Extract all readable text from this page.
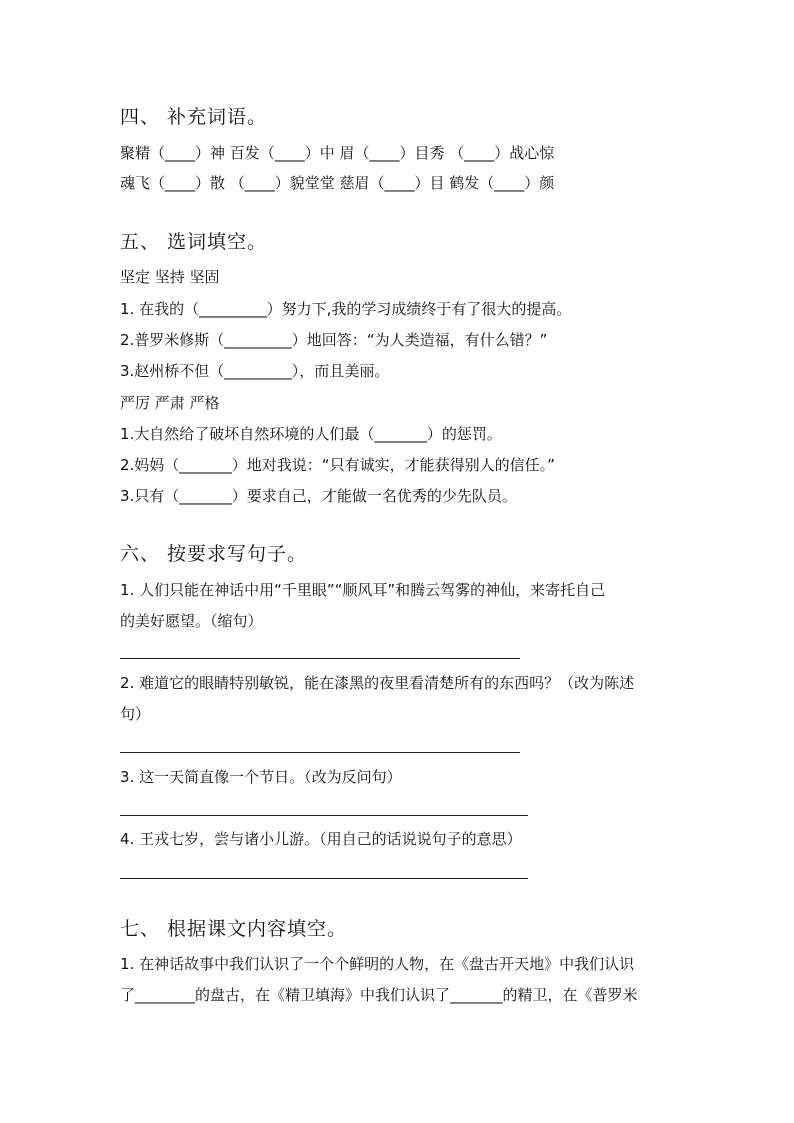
四、 补充词语。
聚精（____）神 百发（____）中 眉（____）目秀 （____）战心惊
魂飞（____）散 （____）貌堂堂 慈眉（____）目 鹤发（____）颜
五、 选词填空。
坚定 坚持 坚固
1. 在我的（_________）努力下,我的学习成绩终于有了很大的提高。
2.普罗米修斯（_________）地回答：“为人类造福，有什么错？”
3.赵州桥不但（_________），而且美丽。
严厉 严肃 严格
1.大自然给了破坏自然环境的人们最（_______）的惩罚。
2.妈妈（_______）地对我说：“只有诚实，才能获得别人的信任。”
3.只有（_______）要求自己，才能做一名优秀的少先队员。
六、 按要求写句子。
1. 人们只能在神话中用“千里眼”“顺风耳”和腾云驾雾的神仙，来寄托自己
的美好愿望。（缩句）
2. 难道它的眼睛特别敏锐，能在漆黑的夜里看清楚所有的东西吗？（改为陈述
句）
3. 这一天简直像一个节日。（改为反问句）
4. 王戎七岁，尝与诸小儿游。（用自己的话说说句子的意思）
七、 根据课文内容填空。
1. 在神话故事中我们认识了一个个鲜明的人物，在《盘古开天地》中我们认识
了________的盘古，在《精卫填海》中我们认识了_______的精卫，在《普罗米
